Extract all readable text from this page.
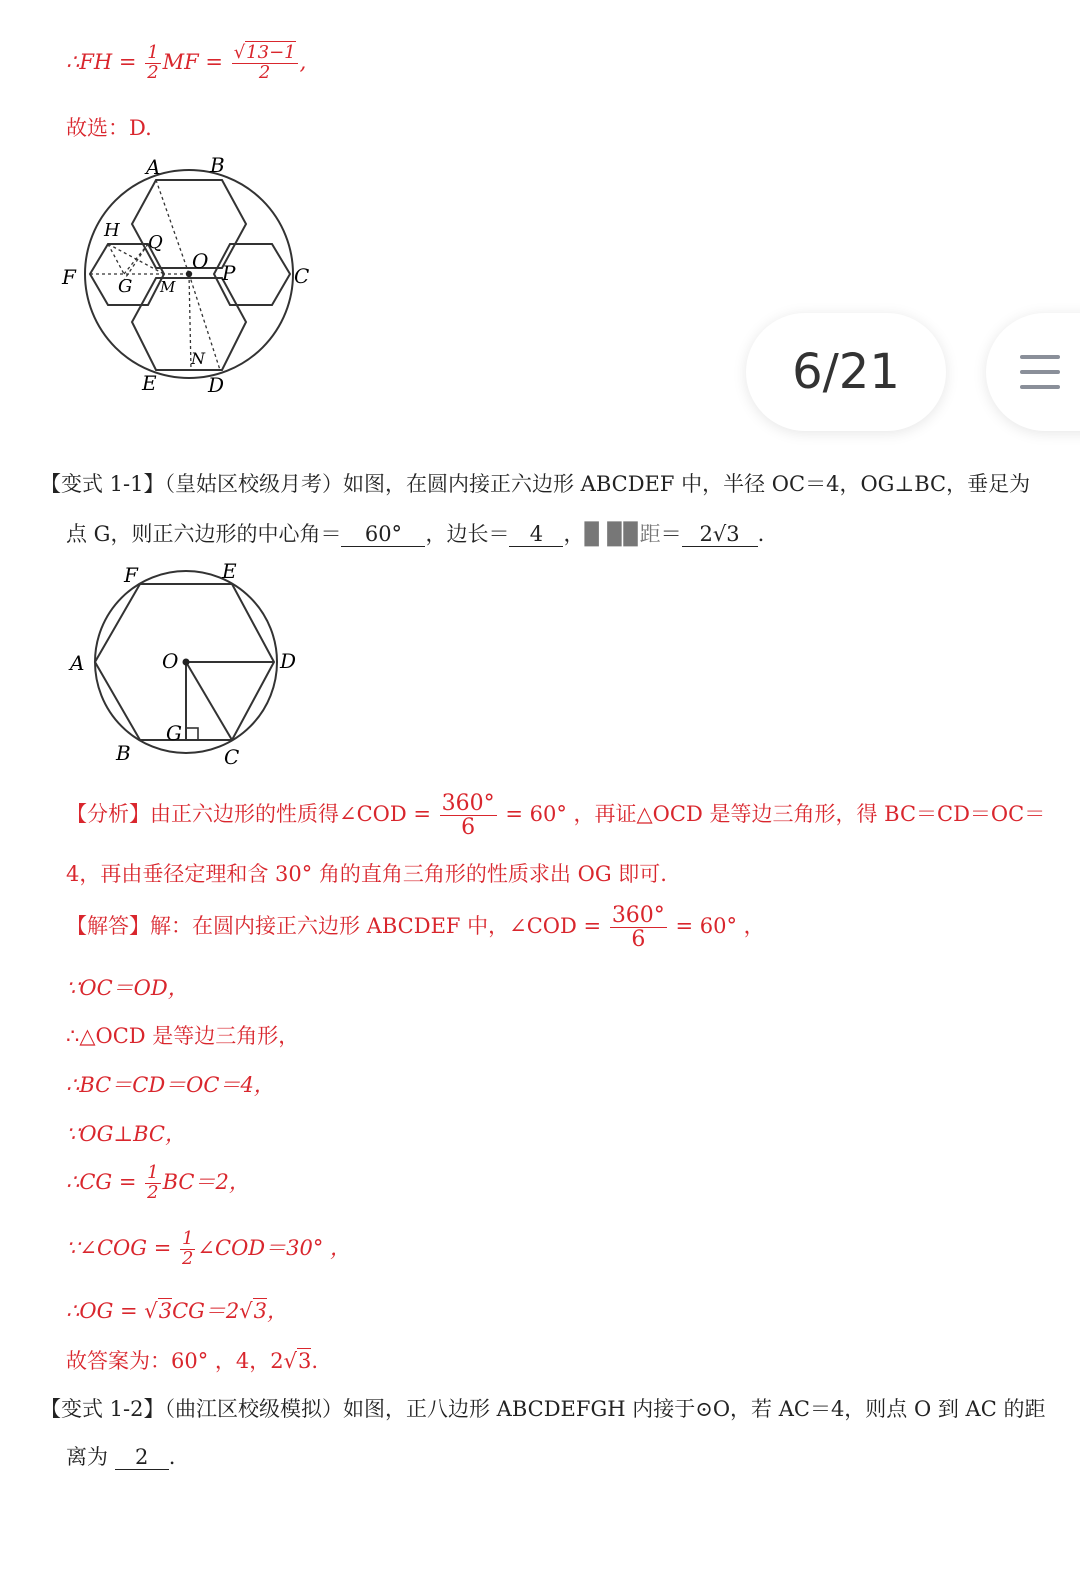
∴FH = $\frac{1}{2}$ MF = $\frac{√13-1}{2}$ ,
故选：D.
A B
H
Q
O
F G M
P	C
N
E	D	6/21
【变式 1-1】（皇姑区校级月考）如图，在圆内接正六边形 ABCDEF 中，半径 OC＝4，OG⊥BC，垂足为
点 G，则正六边形的中心角＝ 60° ，边长＝ 4 ，▉ ▉▉距＝ 2√3 .
F	E
A	O	D
G
B	C
【分析】由正六边形的性质得∠COD = $\frac{360^\circ}{6} = 60^\circ$ ，再证△OCD 是等边三角形，得 BC＝CD＝OC＝
4，再由垂径定理和含 30° 角的直角三角形的性质求出 OG 即可.
【解答】解：在圆内接正六边形 ABCDEF 中，∠COD = $\frac{360^\circ}{6} = 60^\circ$ ，
∵OC＝OD，
∴△OCD 是等边三角形，
∴BC＝CD＝OC＝4，
∵OG⊥BC，
∴CG = $\frac{1}{2} BC=2$，
∵∠COG = $\frac{1}{2}$ ∠COD＝30° ，
∴OG = √3CG＝2√3，
故答案为：60° ，4，2√3.
【变式 1-2】（曲江区校级模拟）如图，正八边形 ABCDEFGH 内接于⊙O，若 AC＝4，则点 O 到 AC 的距
离为 2 .
